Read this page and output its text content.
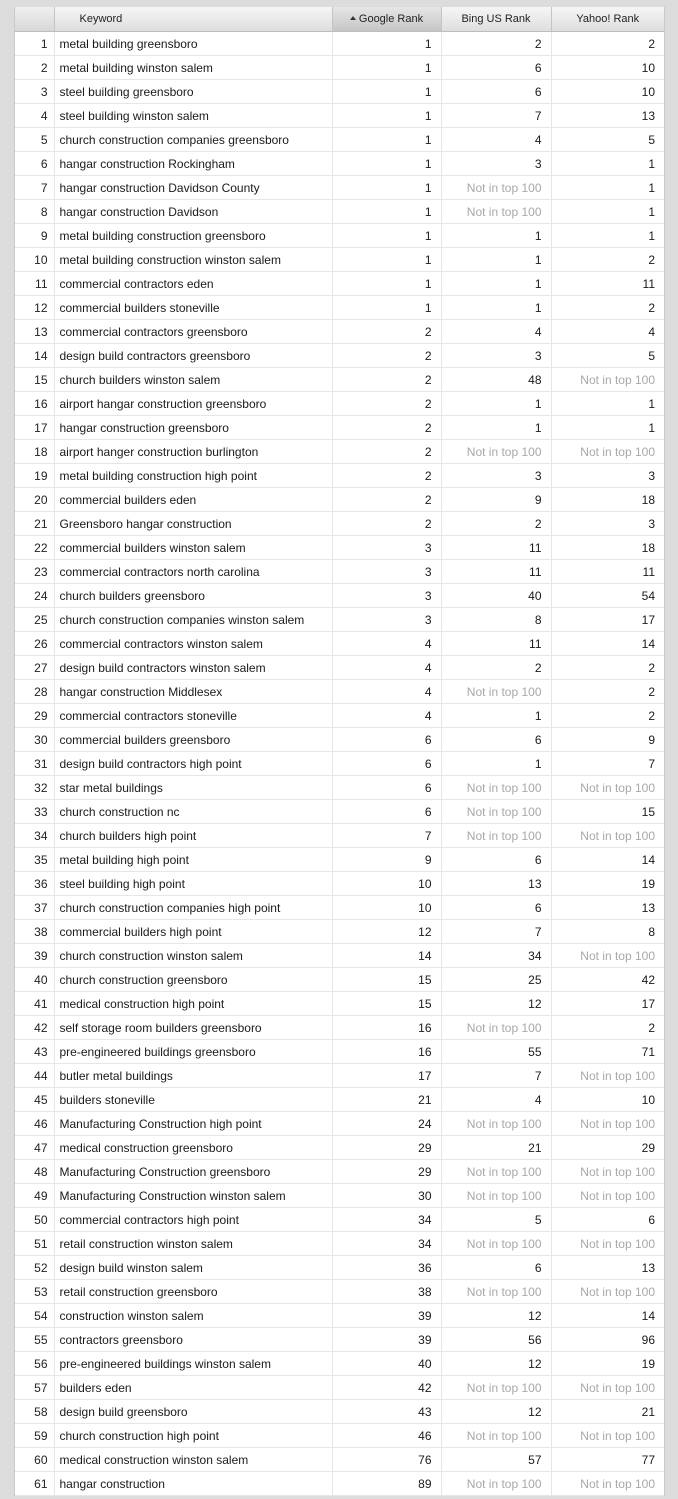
	Keyword	Google Rank	Bing US Rank	Yahoo! Rank
1	metal building greensboro	1	2	2
2	metal building winston salem	1	6	10
3	steel building greensboro	1	6	10
4	steel building winston salem	1	7	13
5	church construction companies greensboro	1	4	5
6	hangar construction Rockingham	1	3	1
7	hangar construction Davidson County	1	Not in top 100	1
8	hangar construction Davidson	1	Not in top 100	1
9	metal building construction greensboro	1	1	1
10	metal building construction winston salem	1	1	2
11	commercial contractors eden	1	1	11
12	commercial builders stoneville	1	1	2
13	commercial contractors greensboro	2	4	4
14	design build contractors greensboro	2	3	5
15	church builders winston salem	2	48	Not in top 100
16	airport hangar construction greensboro	2	1	1
17	hangar construction greensboro	2	1	1
18	airport hanger construction burlington	2	Not in top 100	Not in top 100
19	metal building construction high point	2	3	3
20	commercial builders eden	2	9	18
21	Greensboro hangar construction	2	2	3
22	commercial builders winston salem	3	11	18
23	commercial contractors north carolina	3	11	11
24	church builders greensboro	3	40	54
25	church construction companies winston salem	3	8	17
26	commercial contractors winston salem	4	11	14
27	design build contractors winston salem	4	2	2
28	hangar construction Middlesex	4	Not in top 100	2
29	commercial contractors stoneville	4	1	2
30	commercial builders greensboro	6	6	9
31	design build contractors high point	6	1	7
32	star metal buildings	6	Not in top 100	Not in top 100
33	church construction nc	6	Not in top 100	15
34	church builders high point	7	Not in top 100	Not in top 100
35	metal building high point	9	6	14
36	steel building high point	10	13	19
37	church construction companies high point	10	6	13
38	commercial builders high point	12	7	8
39	church construction winston salem	14	34	Not in top 100
40	church construction greensboro	15	25	42
41	medical construction high point	15	12	17
42	self storage room builders greensboro	16	Not in top 100	2
43	pre-engineered buildings greensboro	16	55	71
44	butler metal buildings	17	7	Not in top 100
45	builders stoneville	21	4	10
46	Manufacturing Construction high point	24	Not in top 100	Not in top 100
47	medical construction greensboro	29	21	29
48	Manufacturing Construction greensboro	29	Not in top 100	Not in top 100
49	Manufacturing Construction winston salem	30	Not in top 100	Not in top 100
50	commercial contractors high point	34	5	6
51	retail construction winston salem	34	Not in top 100	Not in top 100
52	design build winston salem	36	6	13
53	retail construction greensboro	38	Not in top 100	Not in top 100
54	construction winston salem	39	12	14
55	contractors greensboro	39	56	96
56	pre-engineered buildings winston salem	40	12	19
57	builders eden	42	Not in top 100	Not in top 100
58	design build greensboro	43	12	21
59	church construction high point	46	Not in top 100	Not in top 100
60	medical construction winston salem	76	57	77
61	hangar construction	89	Not in top 100	Not in top 100
